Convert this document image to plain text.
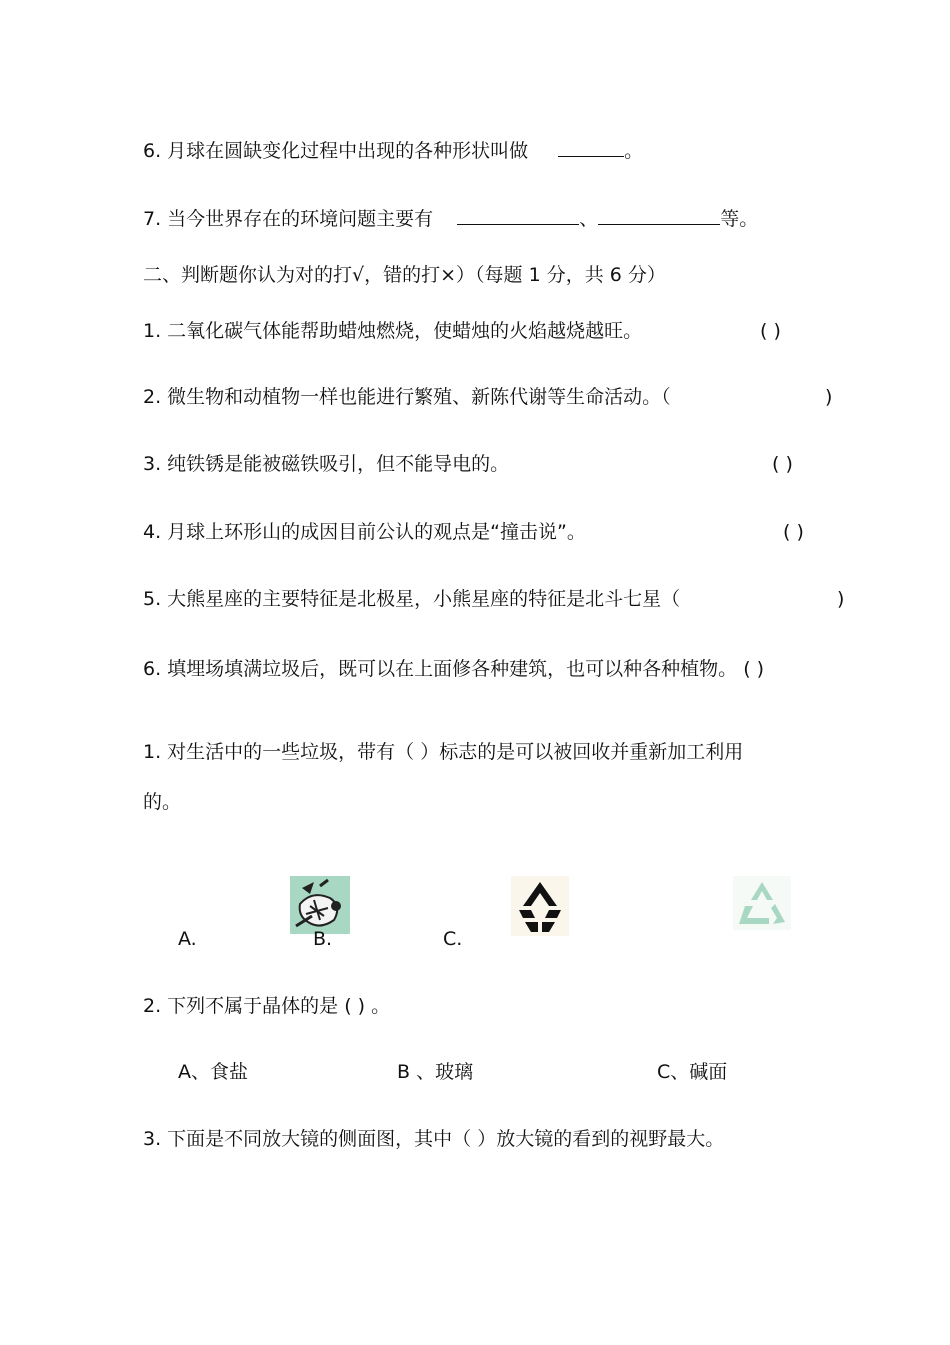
6. 月球在圆缺变化过程中出现的各种形状叫做	。
7. 当今世界存在的环境问题主要有	、	等。
二、判断题你认为对的打√，错的打×）（每题 1 分，共 6 分）
1. 二氧化碳气体能帮助蜡烛燃烧，使蜡烛的火焰越烧越旺。	( )
2. 微生物和动植物一样也能进行繁殖、新陈代谢等生命活动。（	)
3. 纯铁锈是能被磁铁吸引，但不能导电的。	( )
4. 月球上环形山的成因目前公认的观点是“撞击说”。	( )
5. 大熊星座的主要特征是北极星，小熊星座的特征是北斗七星（	)
6. 填埋场填满垃圾后，既可以在上面修各种建筑，也可以种各种植物。 ( )
1. 对生活中的一些垃圾，带有（ ）标志的是可以被回收并重新加工利用
的。
A.	B.	C.
2. 下列不属于晶体的是 ( ) 。
A、食盐	B 、玻璃	C、碱面
3. 下面是不同放大镜的侧面图，其中（ ）放大镜的看到的视野最大。
